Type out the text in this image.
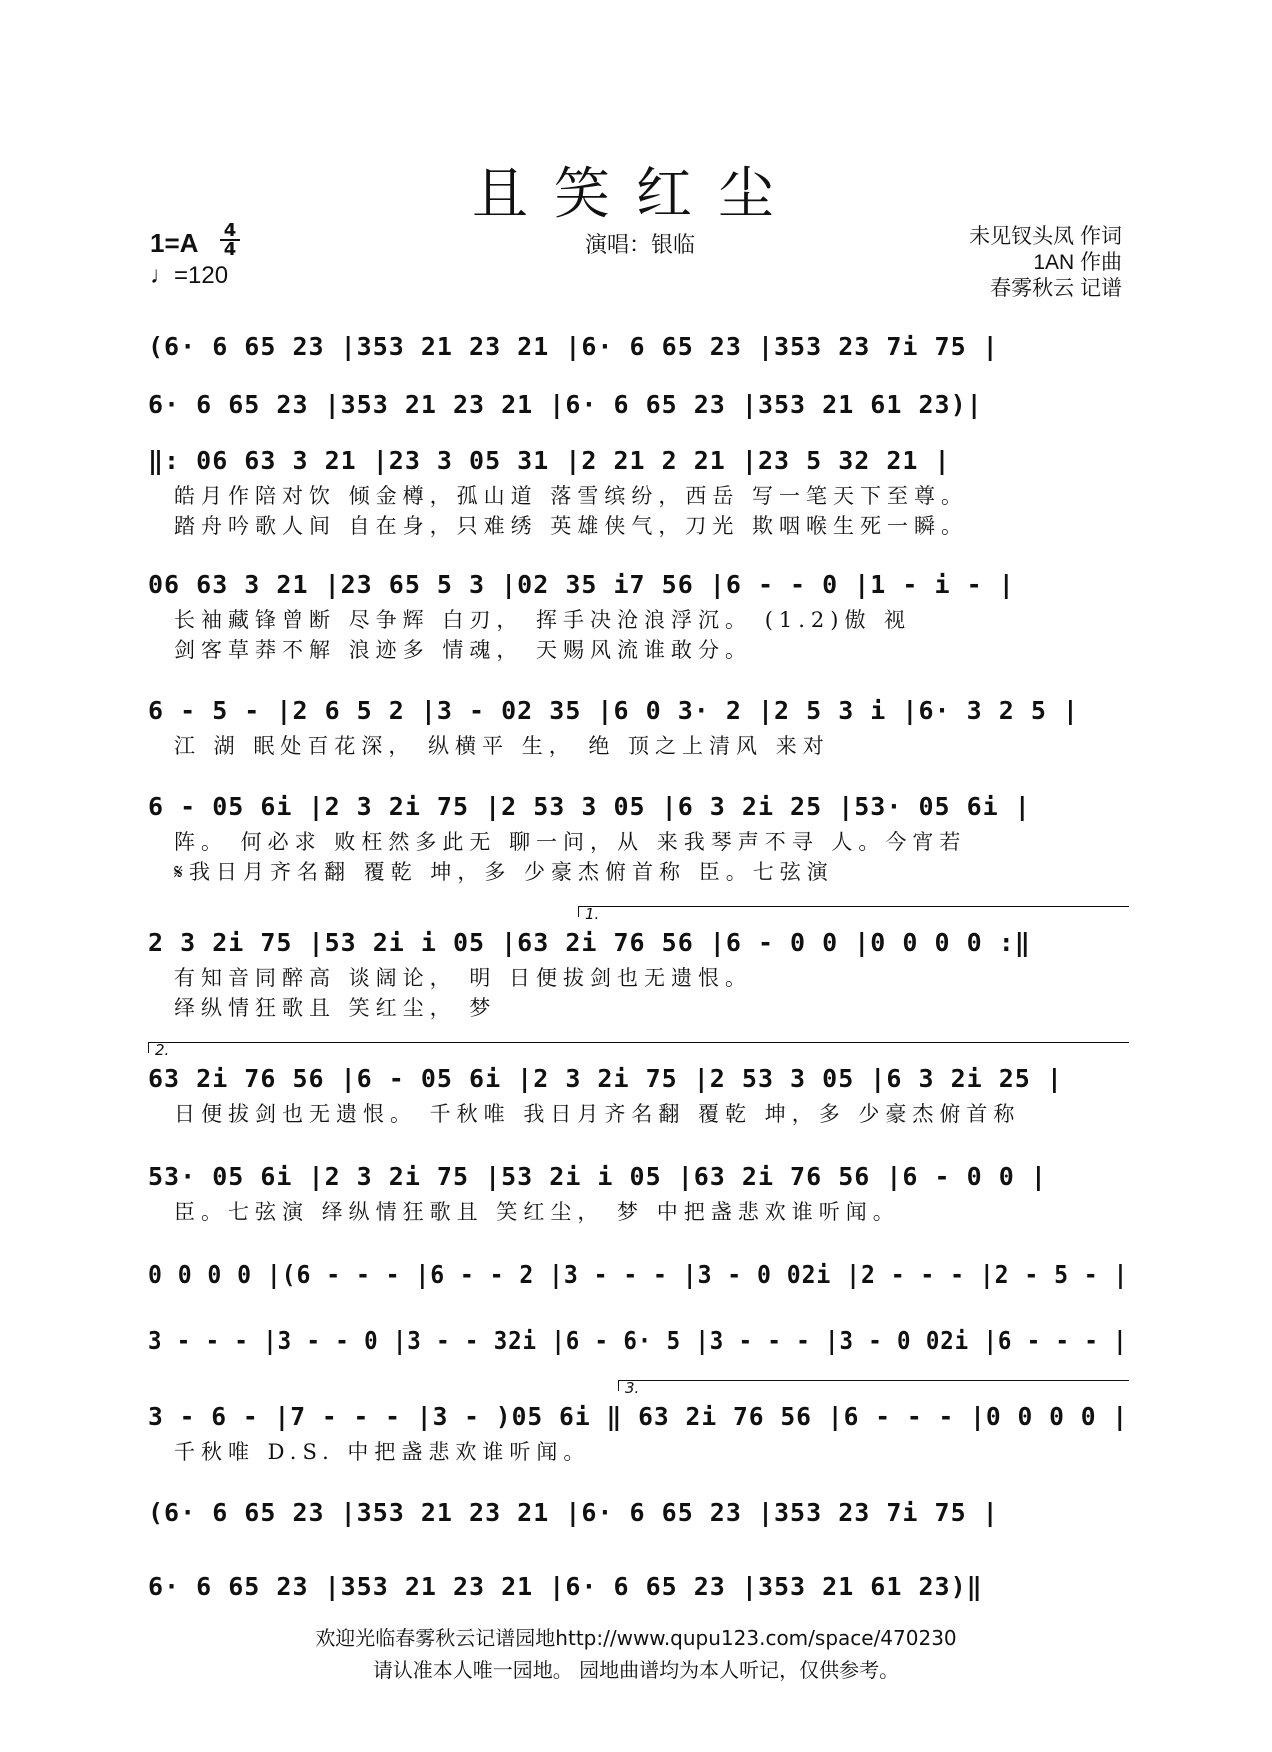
且笑红尘
1=A 4
4
♩=120
演唱：银临	未见钗头凤 作词
1AN 作曲
春雾秋云 记谱
(6· 6 65 23 |353 21 23 21 |6· 6 65 23 |353 23 7i 75 |
6· 6 65 23 |353 21 23 21 |6· 6 65 23 |353 21 61 23)|
‖: 06 63 3 21 |23 3 05 31 |2 21 2 21 |23 5 32 21 |
皓月作陪对饮 倾金樽，孤山道 落雪缤纷，西岳 写一笔天下至尊。
踏舟吟歌人间 自在身，只难绣 英雄侠气，刀光 欺咽喉生死一瞬。
06 63 3 21 |23 65 5 3 |02 35 i7 56 |6 - - 0 |1 - i - |
长袖藏锋曾断 尽争辉 白刃， 挥手决沧浪浮沉。 (1.2)傲 视
剑客草莽不解 浪迹多 情魂， 天赐风流谁敢分。
6 - 5 - |2 6 5 2 |3 - 02 35 |6 0 3· 2 |2 5 3 i |6· 3 2 5 |
江 湖 眠处百花深， 纵横平 生， 绝 顶之上清风 来对
6 - 05 6i |2 3 2i 75 |2 53 3 05 |6 3 2i 25 |53· 05 6i |
阵。 何必求 败枉然多此无 聊一问，从 来我琴声不寻 人。今宵若
𝄋我日月齐名翻 覆乾 坤，多 少豪杰俯首称 臣。七弦演
1.
2 3 2i 75 |53 2i i 05 |63 2i 76 56 |6 - 0 0 |0 0 0 0 :‖
有知音同醉高 谈阔论， 明 日便拔剑也无遗恨。
绎纵情狂歌且 笑红尘， 梦
2.
63 2i 76 56 |6 - 05 6i |2 3 2i 75 |2 53 3 05 |6 3 2i 25 |
日便拔剑也无遗恨。 千秋唯 我日月齐名翻 覆乾 坤，多 少豪杰俯首称
53· 05 6i |2 3 2i 75 |53 2i i 05 |63 2i 76 56 |6 - 0 0 |
臣。七弦演 绎纵情狂歌且 笑红尘， 梦 中把盏悲欢谁听闻。
0 0 0 0 |(6 - - - |6 - - 2 |3 - - - |3 - 0 02i |2 - - - |2 - 5 - |
3 - - - |3 - - 0 |3 - - 32i |6 - 6· 5 |3 - - - |3 - 0 02i |6 - - - |
3.
3 - 6 - |7 - - - |3 - )05 6i ‖ 63 2i 76 56 |6 - - - |0 0 0 0 |
千秋唯 D.S. 中把盏悲欢谁听闻。
(6· 6 65 23 |353 21 23 21 |6· 6 65 23 |353 23 7i 75 |
6· 6 65 23 |353 21 23 21 |6· 6 65 23 |353 21 61 23)‖
欢迎光临春雾秋云记谱园地http://www.qupu123.com/space/470230
请认准本人唯一园地。 园地曲谱均为本人听记，仅供参考。
